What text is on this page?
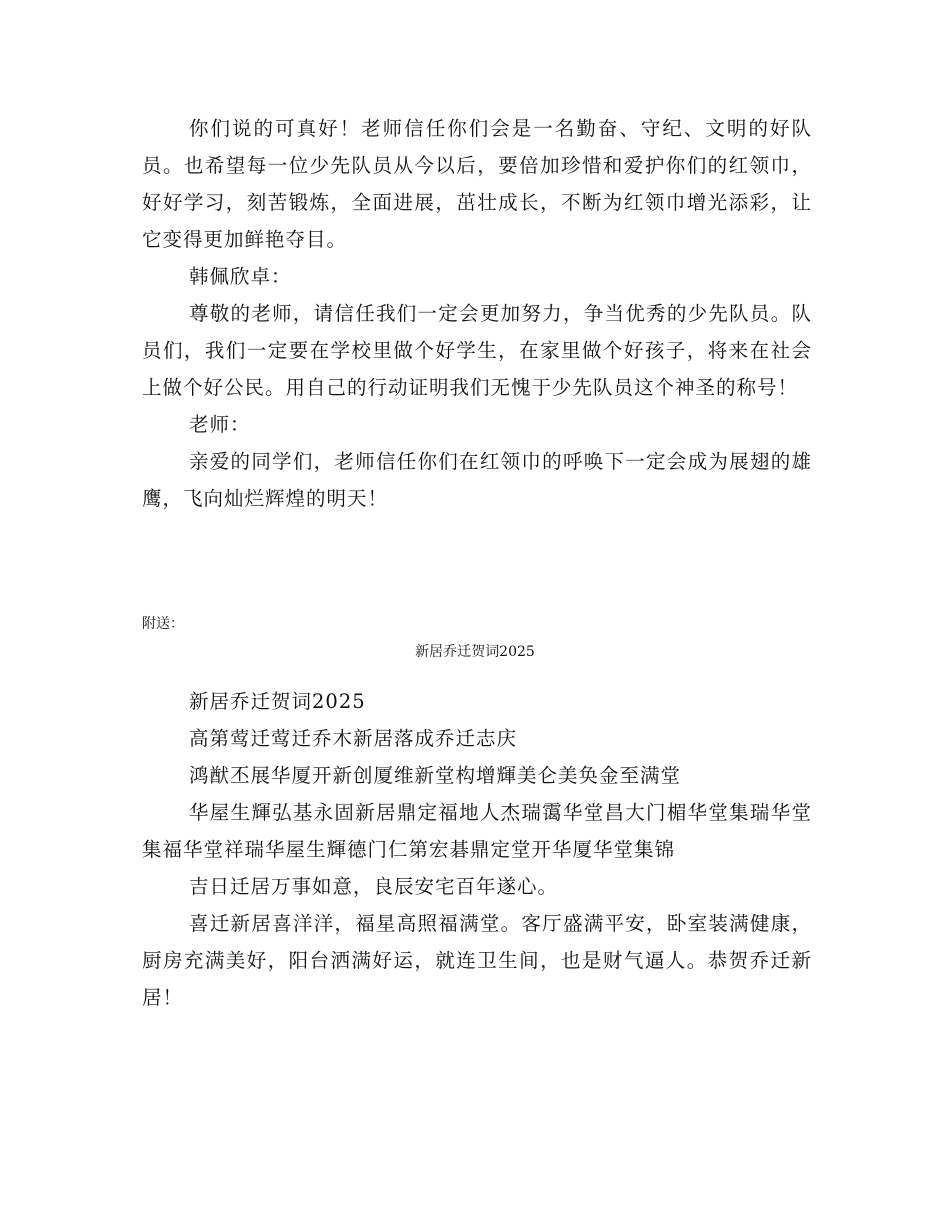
你们说的可真好！老师信任你们会是一名勤奋、守纪、文明的好队员。也希望每一位少先队员从今以后，要倍加珍惜和爱护你们的红领巾，好好学习，刻苦锻炼，全面进展，茁壮成长，不断为红领巾增光添彩，让它变得更加鲜艳夺目。

韩佩欣卓：

尊敬的老师，请信任我们一定会更加努力，争当优秀的少先队员。队员们，我们一定要在学校里做个好学生，在家里做个好孩子，将来在社会上做个好公民。用自己的行动证明我们无愧于少先队员这个神圣的称号！

老师：

亲爱的同学们，老师信任你们在红领巾的呼唤下一定会成为展翅的雄鹰，飞向灿烂辉煌的明天！

附送：

新居乔迁贺词2025

新居乔迁贺词2025

高第莺迁莺迁乔木新居落成乔迁志庆

鸿猷丕展华厦开新创厦维新堂构增輝美仑美奂金至满堂

华屋生輝弘基永固新居鼎定福地人杰瑞霭华堂昌大门楣华堂集瑞华堂集福华堂祥瑞华屋生輝德门仁第宏碁鼎定堂开华厦华堂集锦

吉日迁居万事如意，良辰安宅百年遂心。

喜迁新居喜洋洋，福星高照福满堂。客厅盛满平安，卧室装满健康，厨房充满美好，阳台洒满好运，就连卫生间，也是财气逼人。恭贺乔迁新居！
